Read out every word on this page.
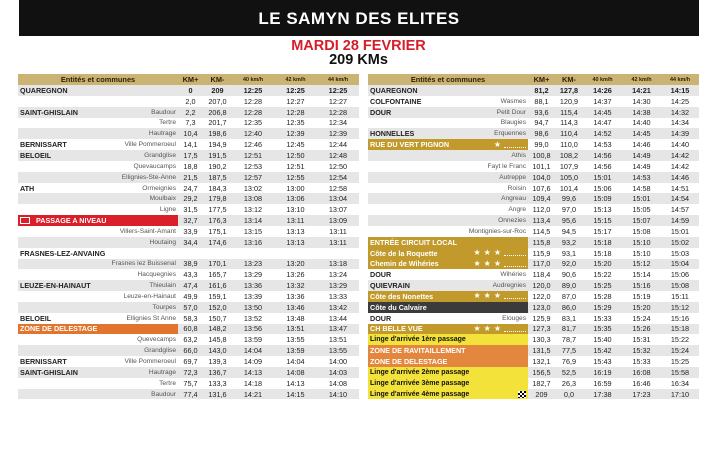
LE SAMYN DES ELITES
MARDI 28 FEVRIER
209 KMs
Entités et communes	KM+	KM-	40 km/h	42 km/h	44 km/h
QUAREGNON	0	209	12:25	12:25	12:25
2,0	207,0	12:28	12:27	12:27
SAINT-GHISLAIN	Baudour	2,2	206,8	12:28	12:28	12:28
Tertre	7,3	201,7	12:35	12:35	12:34
Hautrage	10,4	198,6	12:40	12:39	12:39
BERNISSART	Ville Pommeroeul	14,1	194,9	12:46	12:45	12:44
BELOEIL	Grandglise	17,5	191,5	12:51	12:50	12:48
Quevaucamps	18,8	190,2	12:53	12:51	12:50
Ellignies-Ste-Anne	21,5	187,5	12:57	12:55	12:54
ATH	Ormeignies	24,7	184,3	13:02	13:00	12:58
Moulbaix	29,2	179,8	13:08	13:06	13:04
Ligne	31,5	177,5	13:12	13:10	13:07
PASSAGE A NIVEAU	32,7	176,3	13:14	13:11	13:09
Villers-Saint-Amant	33,9	175,1	13:15	13:13	13:11
Houtaing	34,4	174,6	13:16	13:13	13:11
FRASNES-LEZ-ANVAING
Frasnes lez Buissenal	38,9	170,1	13:23	13:20	13:18
Hacquegnies	43,3	165,7	13:29	13:26	13:24
LEUZE-EN-HAINAUT	Thieulain	47,4	161,6	13:36	13:32	13:29
Leuze-en-Hainaut	49,9	159,1	13:39	13:36	13:33
Tourpes	57,0	152,0	13:50	13:46	13:42
BELOEIL	Ellignies St Anne	58,3	150,7	13:52	13:48	13:44
ZONE DE DELESTAGE	60,8	148,2	13:56	13:51	13:47
Quevecamps	63,2	145,8	13:59	13:55	13:51
Grandglise	66,0	143,0	14:04	13:59	13:55
BERNISSART	Ville Pommeroeul	69,7	139,3	14:09	14:04	14:00
SAINT-GHISLAIN	Hautrage	72,3	136,7	14:13	14:08	14:03
Tertre	75,7	133,3	14:18	14:13	14:08
Baudour	77,4	131,6	14:21	14:15	14:10
Entités et communes	KM+	KM-	40 km/h	42 km/h	44 km/h
QUAREGNON	81,2	127,8	14:26	14:21	14:15
COLFONTAINE	Wasmes	88,1	120,9	14:37	14:30	14:25
DOUR	Petit Dour	93,6	115,4	14:45	14:38	14:32
Blaugies	94,7	114,3	14:47	14:40	14:34
HONNELLES	Erquennes	98,6	110,4	14:52	14:45	14:39
RUE DU VERT PIGNON	★	99,0	110,0	14:53	14:46	14:40
Athis 100,8	108,2	14:56	14:49	14:42
Fayt le Franc 101,1	107,9	14:56	14:49	14:42
Autreppe 104,0	105,0	15:01	14:53	14:46
Roisin 107,6	101,4	15:06	14:58	14:51
Angreau 109,4	99,6	15:09	15:01	14:54
Angre 112,0	97,0	15:13	15:05	14:57
Onnezies 113,4	95,6	15:15	15:07	14:59
Montignies-sur-Roc 114,5	94,5	15:17	15:08	15:01
ENTRÉE CIRCUIT LOCAL	115,8	93,2	15:18	15:10	15:02
Côte de la Roquette	★ ★ ★	115,9	93,1	15:18	15:10	15:03
Chemin de Wihéries	★ ★ ★	117,0	92,0	15:20	15:12	15:04
DOUR	Wihéries 118,4	90,6	15:22	15:14	15:06
QUIEVRAIN	Audregnies 120,0	89,0	15:25	15:16	15:08
Côte des Nonettes	★ ★ ★	122,0	87,0	15:28	15:19	15:11
Côte du Calvaire	123,0	86,0	15:29	15:20	15:12
DOUR	Elouges 125,9	83,1	15:33	15:24	15:16
CH BELLE VUE	★ ★ ★	127,3	81,7	15:35	15:26	15:18
Linge d'arrivée 1ère passage	130,3	78,7	15:40	15:31	15:22
ZONE DE RAVITAILLEMENT	131,5	77,5	15:42	15:32	15:24
ZONE DE DELESTAGE	132,1	76,9	15:43	15:33	15:25
Linge d'arrivée 2ème passage	156,5	52,5	16:19	16:08	15:58
Linge d'arrivée 3ème passage	182,7	26,3	16:59	16:46	16:34
Linge d'arrivée 4ème passage	209	0,0	17:38	17:23	17:10
